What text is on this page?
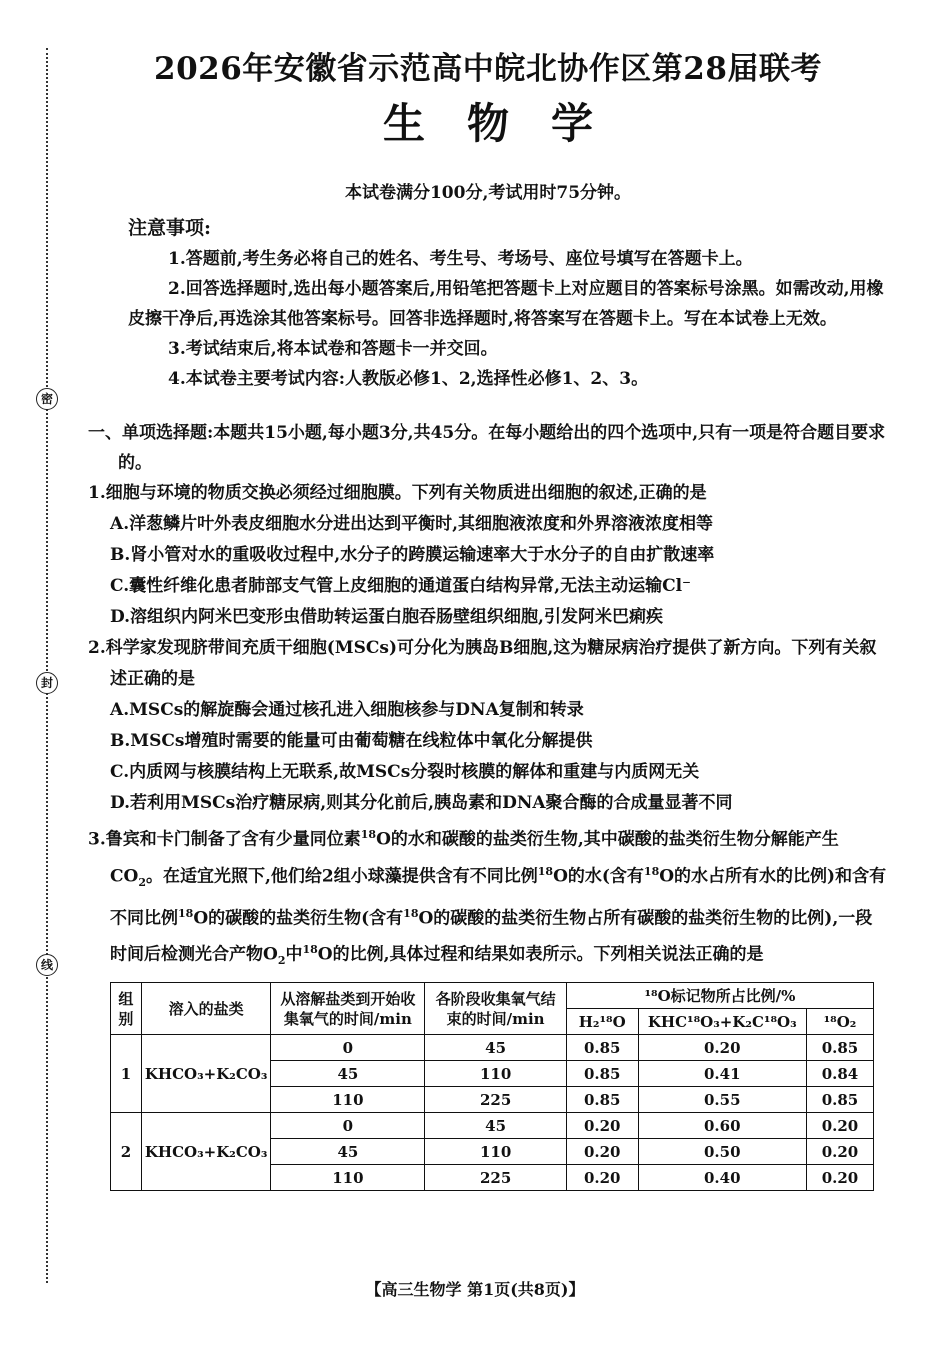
密
封
线
2026年安徽省示范高中皖北协作区第28届联考
生物学
本试卷满分100分,考试用时75分钟。
注意事项:
1.答题前,考生务必将自己的姓名、考生号、考场号、座位号填写在答题卡上。
2.回答选择题时,选出每小题答案后,用铅笔把答题卡上对应题目的答案标号涂黑。如需改动,用橡皮擦干净后,再选涂其他答案标号。回答非选择题时,将答案写在答题卡上。写在本试卷上无效。
3.考试结束后,将本试卷和答题卡一并交回。
4.本试卷主要考试内容:人教版必修1、2,选择性必修1、2、3。
一、单项选择题:本题共15小题,每小题3分,共45分。在每小题给出的四个选项中,只有一项是符合题目要求的。
1.细胞与环境的物质交换必须经过细胞膜。下列有关物质进出细胞的叙述,正确的是
A.洋葱鳞片叶外表皮细胞水分进出达到平衡时,其细胞液浓度和外界溶液浓度相等
B.肾小管对水的重吸收过程中,水分子的跨膜运输速率大于水分子的自由扩散速率
C.囊性纤维化患者肺部支气管上皮细胞的通道蛋白结构异常,无法主动运输Cl⁻
D.溶组织内阿米巴变形虫借助转运蛋白胞吞肠壁组织细胞,引发阿米巴痢疾
2.科学家发现脐带间充质干细胞(MSCs)可分化为胰岛B细胞,这为糖尿病治疗提供了新方向。下列有关叙述正确的是
A.MSCs的解旋酶会通过核孔进入细胞核参与DNA复制和转录
B.MSCs增殖时需要的能量可由葡萄糖在线粒体中氧化分解提供
C.内质网与核膜结构上无联系,故MSCs分裂时核膜的解体和重建与内质网无关
D.若利用MSCs治疗糖尿病,则其分化前后,胰岛素和DNA聚合酶的合成量显著不同
3.鲁宾和卡门制备了含有少量同位素$^{18}$O的水和碳酸的盐类衍生物,其中碳酸的盐类衍生物分解能产生$CO_2$。在适宜光照下,他们给2组小球藻提供含有不同比例$^{18}$O的水(含有$^{18}$O的水占所有水的比例)和含有不同比例$^{18}$O的碳酸的盐类衍生物(含有$^{18}$O的碳酸的盐类衍生物占所有碳酸的盐类衍生物的比例),一段时间后检测光合产物$O_2$中$^{18}$O的比例,具体过程和结果如表所示。下列相关说法正确的是
组别	溶入的盐类	从溶解盐类到开始收集氧气的时间/min	各阶段收集氧气结束的时间/min	¹⁸O标记物所占比例/%		
				H₂¹⁸O	KHC¹⁸O₃+K₂C¹⁸O₃	¹⁸O₂
1	KHCO₃+K₂CO₃	0	45	0.85	0.20	0.85
		45	110	0.85	0.41	0.84
		110	225	0.85	0.55	0.85
2	KHCO₃+K₂CO₃	0	45	0.20	0.60	0.20
		45	110	0.20	0.50	0.20
		110	225	0.20	0.40	0.20
【高三生物学 第1页(共8页)】
